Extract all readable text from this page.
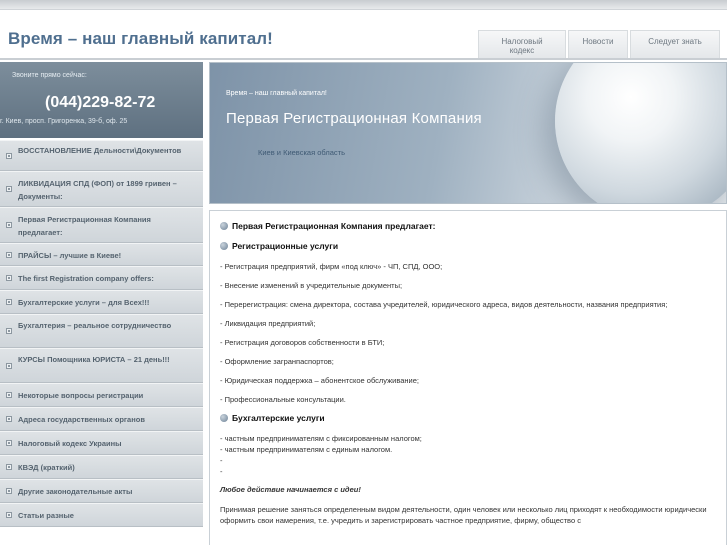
Время – наш главный капитал!	Налоговый кодекс
Новости	Следует знать
Звоните прямо сейчас:
(044)229-82-72
г. Киев, просп. Григоренка, 39-б, оф. 25
ВОССТАНОВЛЕНИЕ Дельности\Документов
ЛИКВИДАЦИЯ СПД (ФОП) от 1899 гривен – Документы:
Первая Регистрационная Компания предлагает:
ПРАЙСЫ – лучшие в Киеве!
The first Registration company offers:
Бухгалтерские услуги – для Всех!!!
Бухгалтерия – реальное сотрудничество
КУРСЫ Помощника ЮРИСТА – 21 день!!!
Некоторые вопросы регистрации
Адреса государственных органов
Налоговый кодекс Украины
КВЭД (краткий)
Другие законодательные акты
Статьи разные
Время – наш главный капитал!
Первая Регистрационная Компания
Киев и Киевская область
Первая Регистрационная Компания предлагает:
Регистрационные услуги
- Регистрация предприятий, фирм «под ключ» - ЧП, СПД, ООО;
- Внесение изменений в учредительные документы;
- Перерегистрация: смена директора, состава учредителей, юридического адреса, видов деятельности, названия предприятия;
- Ликвидация предприятий;
- Регистрация договоров собственности в БТИ;
- Оформление загранпаспортов;
- Юридическая поддержка – абонентское обслуживание;
- Профессиональные консультации.
Бухгалтерские услуги
- частным предпринимателям с фиксированным налогом;
- частным предпринимателям с единым налогом.
-
-
Любое действие начинается с идеи!
Принимая решение заняться определенным видом деятельности, один человек или несколько лиц приходят к необходимости юридически оформить свои намерения, т.е. учредить и зарегистрировать частное предприятие, фирму, общество с
